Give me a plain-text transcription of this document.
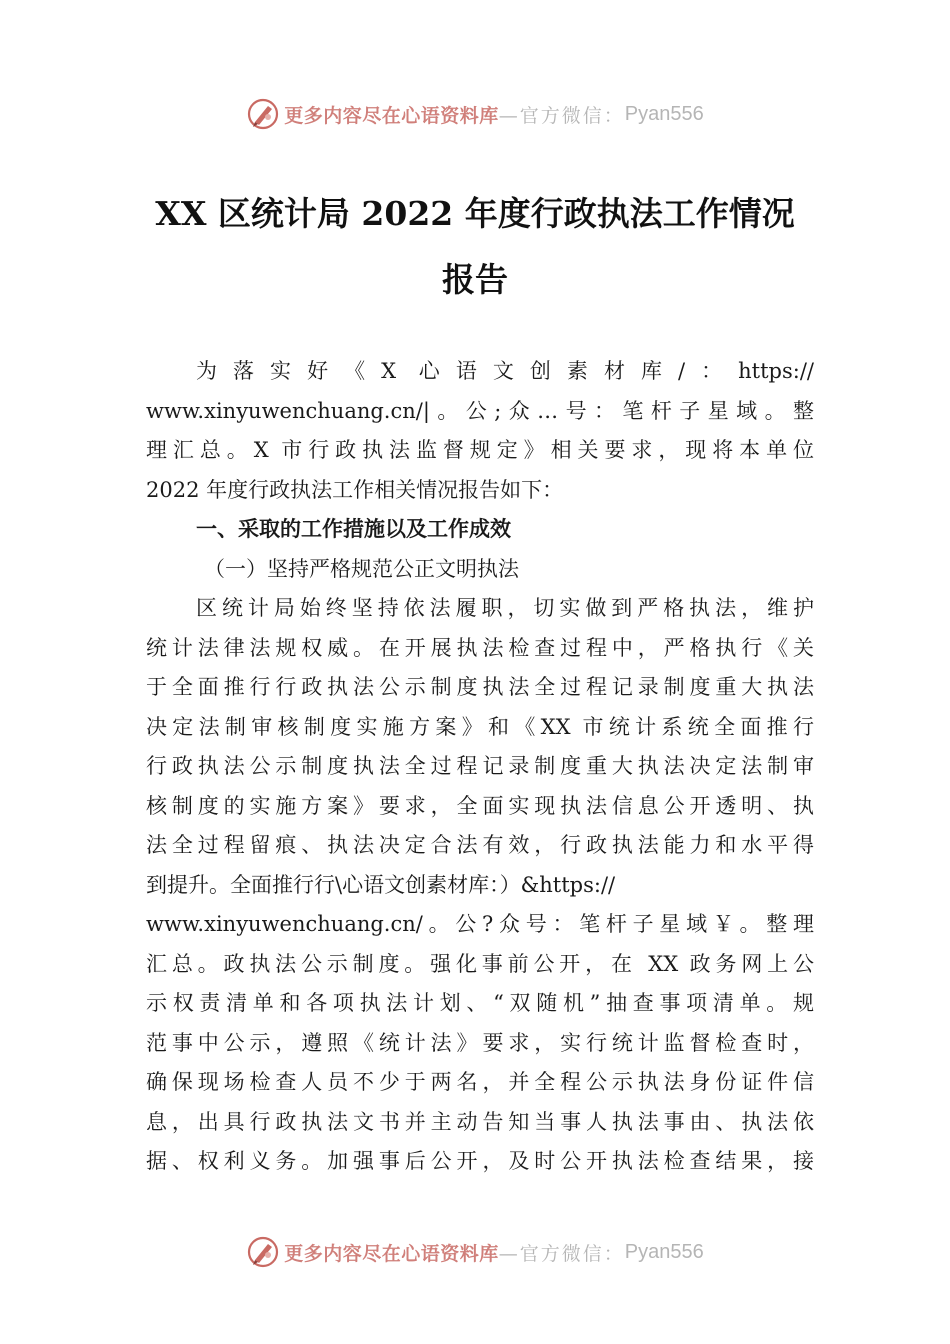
更多内容尽在心语资料库 —官方微信： Pyan556
XX 区统计局 2022 年度行政执法工作情况
报告
为落实好《X 心语文创素材库/：https://
www.xinyuwenchuang.cn/|。公;众…号：笔杆子星域。整
理汇总。X 市行政执法监督规定》相关要求，现将本单位
2022 年度行政执法工作相关情况报告如下：
一、采取的工作措施以及工作成效
（一）坚持严格规范公正文明执法
区统计局始终坚持依法履职，切实做到严格执法，维护
统计法律法规权威。在开展执法检查过程中，严格执行《关
于全面推行行政执法公示制度执法全过程记录制度重大执法
决定法制审核制度实施方案》和《XX 市统计系统全面推行
行政执法公示制度执法全过程记录制度重大执法决定法制审
核制度的实施方案》要求，全面实现执法信息公开透明、执
法全过程留痕、执法决定合法有效，行政执法能力和水平得
到提升。全面推行行\心语文创素材库：）&https://
www.xinyuwenchuang.cn/。公?众号：笔杆子星域￥。整理
汇总。政执法公示制度。强化事前公开，在 XX 政务网上公
示权责清单和各项执法计划、“双随机”抽查事项清单。规
范事中公示，遵照《统计法》要求，实行统计监督检查时，
确保现场检查人员不少于两名，并全程公示执法身份证件信
息，出具行政执法文书并主动告知当事人执法事由、执法依
据、权利义务。加强事后公开，及时公开执法检查结果，接
更多内容尽在心语资料库 —官方微信： Pyan556
